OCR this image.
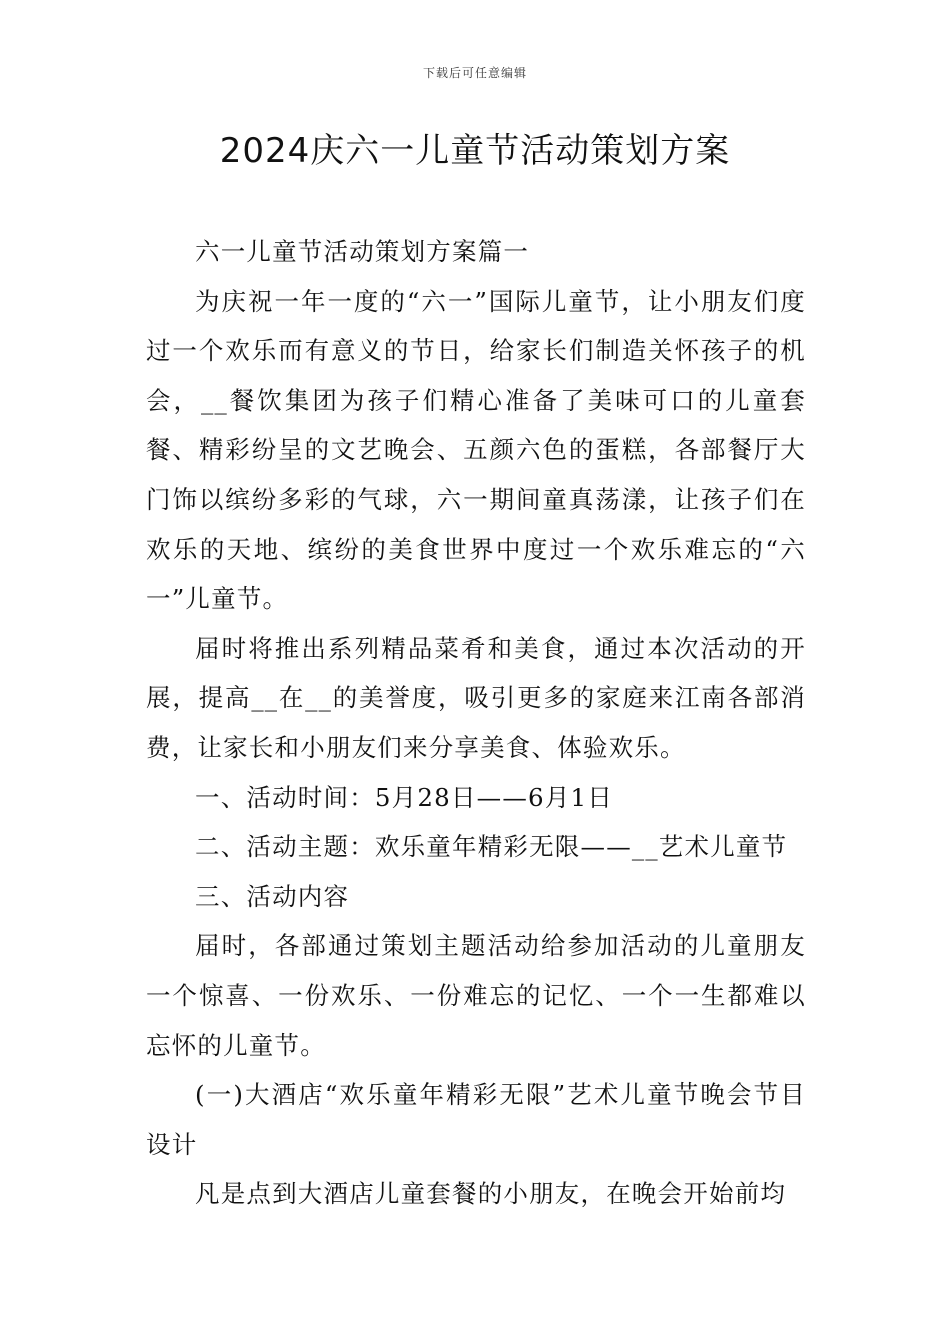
下载后可任意编辑
2024庆六一儿童节活动策划方案

六一儿童节活动策划方案篇一

为庆祝一年一度的“六一”国际儿童节，让小朋友们度过一个欢乐而有意义的节日，给家长们制造关怀孩子的机会，__餐饮集团为孩子们精心准备了美味可口的儿童套餐、精彩纷呈的文艺晚会、五颜六色的蛋糕，各部餐厅大门饰以缤纷多彩的气球，六一期间童真荡漾，让孩子们在欢乐的天地、缤纷的美食世界中度过一个欢乐难忘的“六一”儿童节。

届时将推出系列精品菜肴和美食，通过本次活动的开展，提高__在__的美誉度，吸引更多的家庭来江南各部消费，让家长和小朋友们来分享美食、体验欢乐。

一、活动时间：5月28日——6月1日

二、活动主题：欢乐童年精彩无限——__艺术儿童节

三、活动内容

届时，各部通过策划主题活动给参加活动的儿童朋友一个惊喜、一份欢乐、一份难忘的记忆、一个一生都难以忘怀的儿童节。

(一)大酒店“欢乐童年精彩无限”艺术儿童节晚会节目设计

凡是点到大酒店儿童套餐的小朋友，在晚会开始前均
